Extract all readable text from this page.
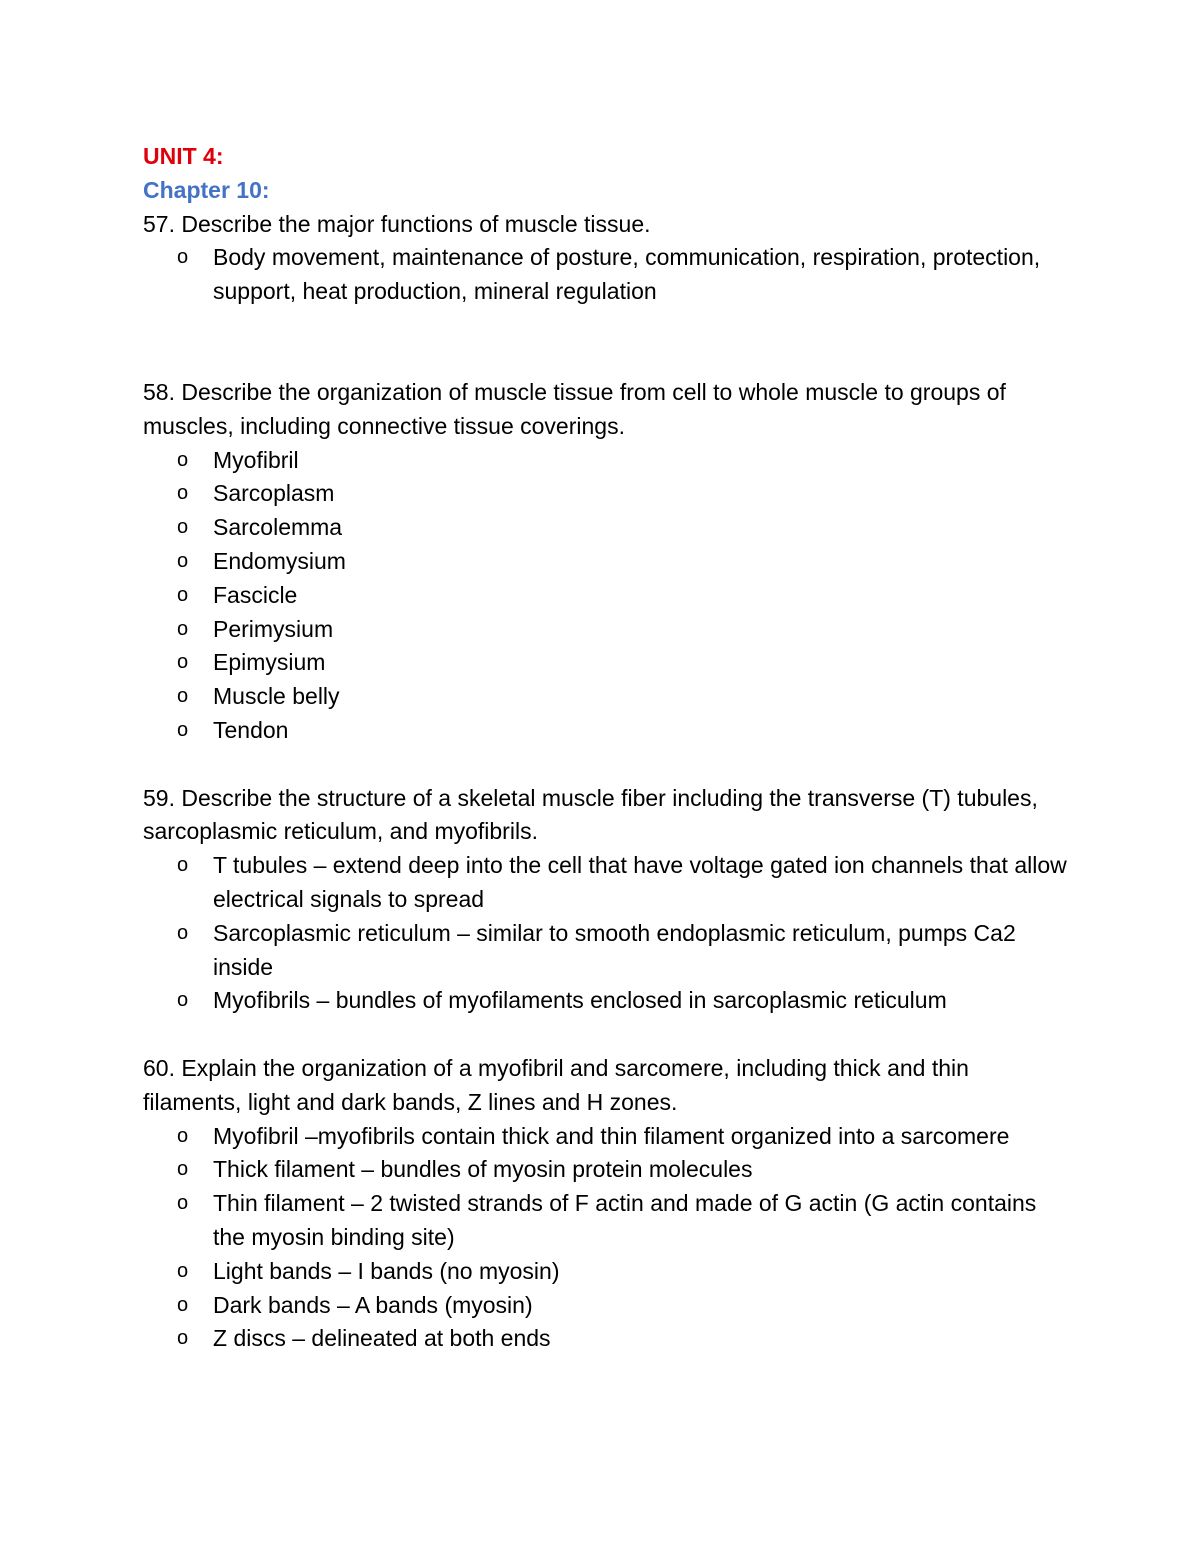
UNIT 4:

Chapter 10:

57. Describe the major functions of muscle tissue.

o Body movement, maintenance of posture, communication, respiration, protection, support, heat production, mineral regulation

58. Describe the organization of muscle tissue from cell to whole muscle to groups of muscles, including connective tissue coverings.

o Myofibril
o Sarcoplasm
o Sarcolemma
o Endomysium
o Fascicle
o Perimysium
o Epimysium
o Muscle belly
o Tendon

59. Describe the structure of a skeletal muscle fiber including the transverse (T) tubules, sarcoplasmic reticulum, and myofibrils.

o T tubules – extend deep into the cell that have voltage gated ion channels that allow electrical signals to spread
o Sarcoplasmic reticulum – similar to smooth endoplasmic reticulum, pumps Ca2 inside
o Myofibrils – bundles of myofilaments enclosed in sarcoplasmic reticulum

60. Explain the organization of a myofibril and sarcomere, including thick and thin filaments, light and dark bands, Z lines and H zones.

o Myofibril –myofibrils contain thick and thin filament organized into a sarcomere
o Thick filament – bundles of myosin protein molecules
o Thin filament – 2 twisted strands of F actin and made of G actin (G actin contains the myosin binding site)
o Light bands – I bands (no myosin)
o Dark bands – A bands (myosin)
o Z discs – delineated at both ends
